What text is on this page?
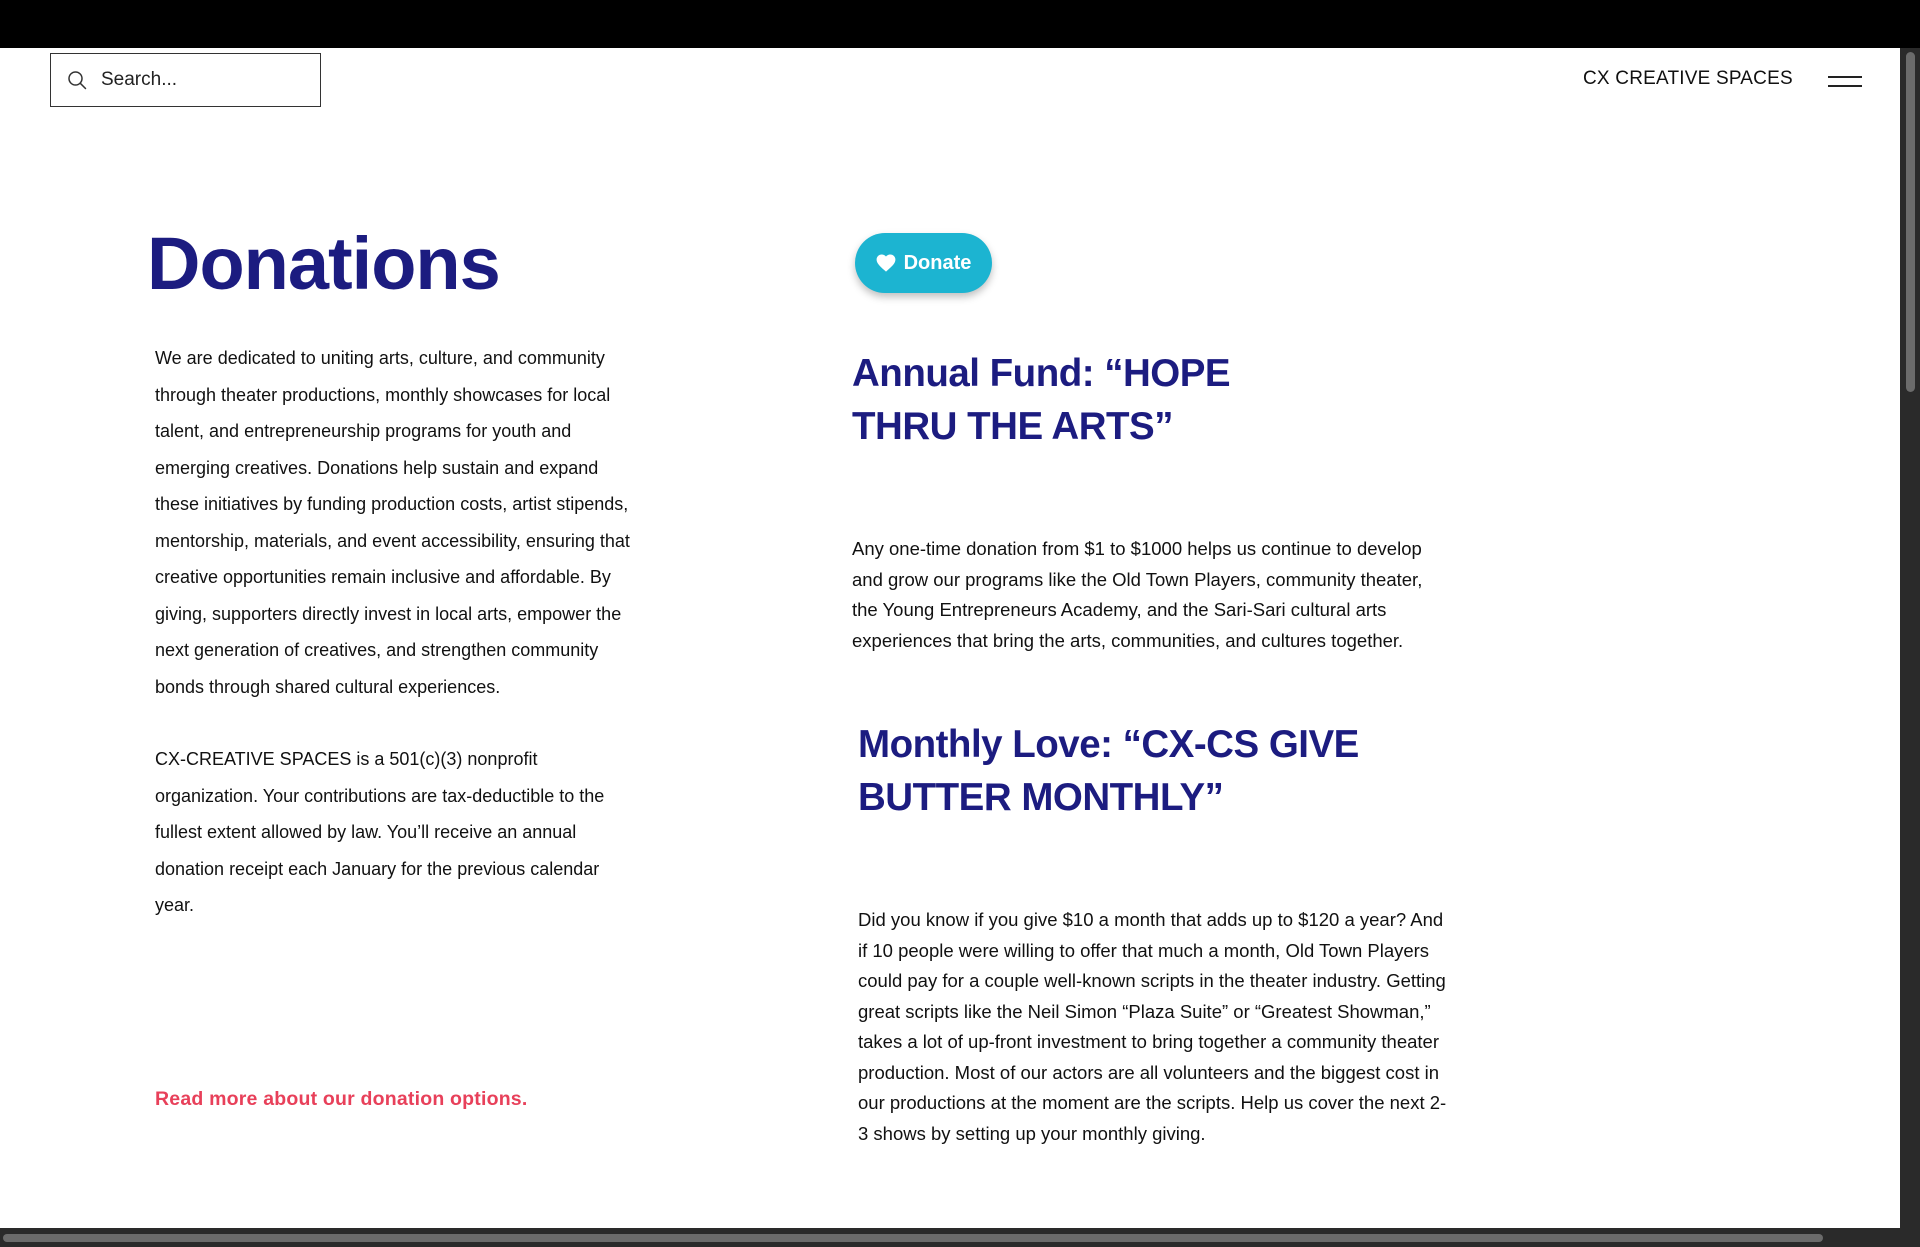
Search...
CX CREATIVE SPACES
Donations

We are dedicated to uniting arts, culture, and community through theater productions, monthly showcases for local talent, and entrepreneurship programs for youth and emerging creatives. Donations help sustain and expand these initiatives by funding production costs, artist stipends, mentorship, materials, and event accessibility, ensuring that creative opportunities remain inclusive and affordable. By giving, supporters directly invest in local arts, empower the next generation of creatives, and strengthen community bonds through shared cultural experiences.

CX-CREATIVE SPACES is a 501(c)(3) nonprofit organization. Your contributions are tax-deductible to the fullest extent allowed by law. You’ll receive an annual donation receipt each January for the previous calendar year.

Read more about our donation options.
Donate
Annual Fund: “HOPE THRU THE ARTS”

Any one-time donation from $1 to $1000 helps us continue to develop and grow our programs like the Old Town Players, community theater, the Young Entrepreneurs Academy, and the Sari-Sari cultural arts experiences that bring the arts, communities, and cultures together.

Monthly Love: “CX-CS GIVE BUTTER MONTHLY”

Did you know if you give $10 a month that adds up to $120 a year? And if 10 people were willing to offer that much a month, Old Town Players could pay for a couple well-known scripts in the theater industry. Getting great scripts like the Neil Simon “Plaza Suite” or “Greatest Showman,” takes a lot of up-front investment to bring together a community theater production. Most of our actors are all volunteers and the biggest cost in our productions at the moment are the scripts. Help us cover the next 2-3 shows by setting up your monthly giving.
